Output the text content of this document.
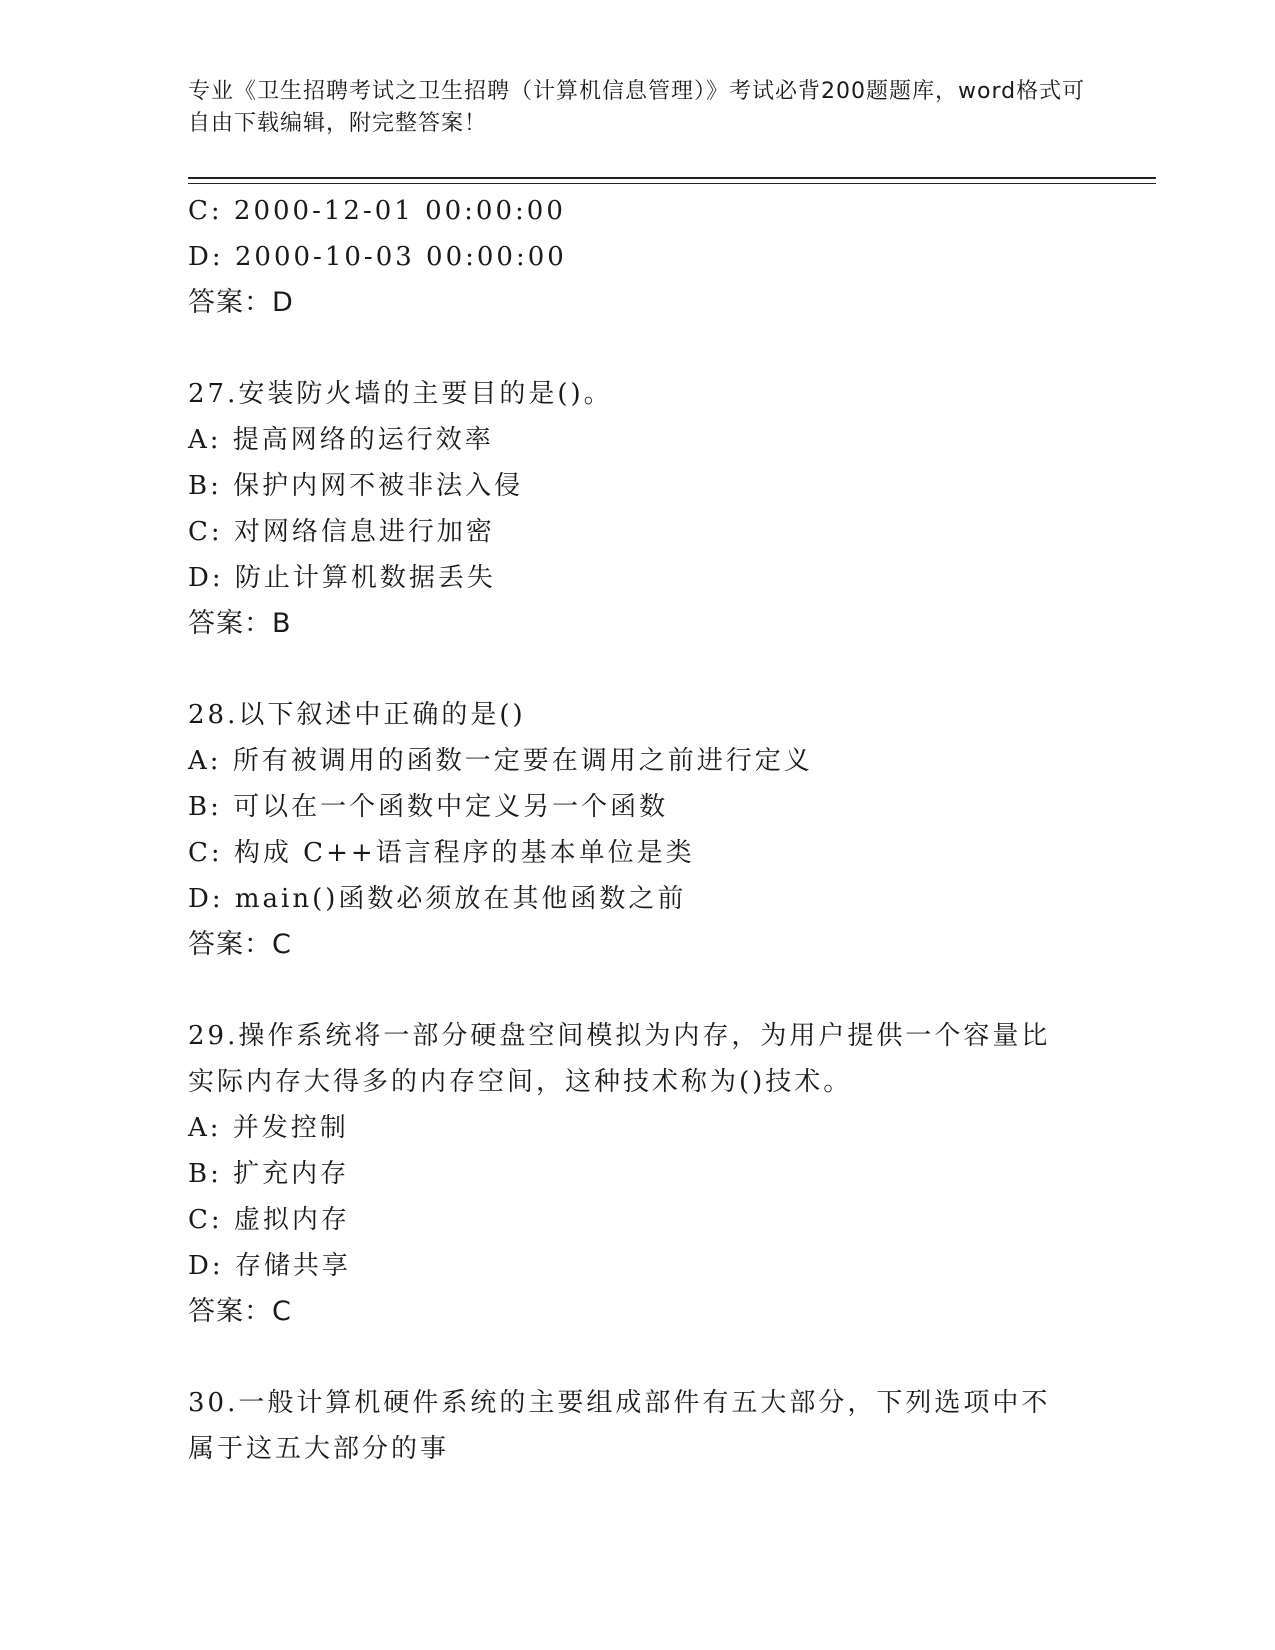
专业《卫生招聘考试之卫生招聘（计算机信息管理）》考试必背200题题库，word格式可自由下载编辑，附完整答案！

C: 2000-12-01 00:00:00

D: 2000-10-03 00:00:00

答案：D

27.安装防火墙的主要目的是()。

A: 提高网络的运行效率

B: 保护内网不被非法入侵

C: 对网络信息进行加密

D: 防止计算机数据丢失

答案：B

28.以下叙述中正确的是()

A: 所有被调用的函数一定要在调用之前进行定义

B: 可以在一个函数中定义另一个函数

C: 构成 C++语言程序的基本单位是类

D: main()函数必须放在其他函数之前

答案：C

29.操作系统将一部分硬盘空间模拟为内存，为用户提供一个容量比实际内存大得多的内存空间，这种技术称为()技术。

A: 并发控制

B: 扩充内存

C: 虚拟内存

D: 存储共享

答案：C

30.一般计算机硬件系统的主要组成部件有五大部分，下列选项中不属于这五大部分的事
